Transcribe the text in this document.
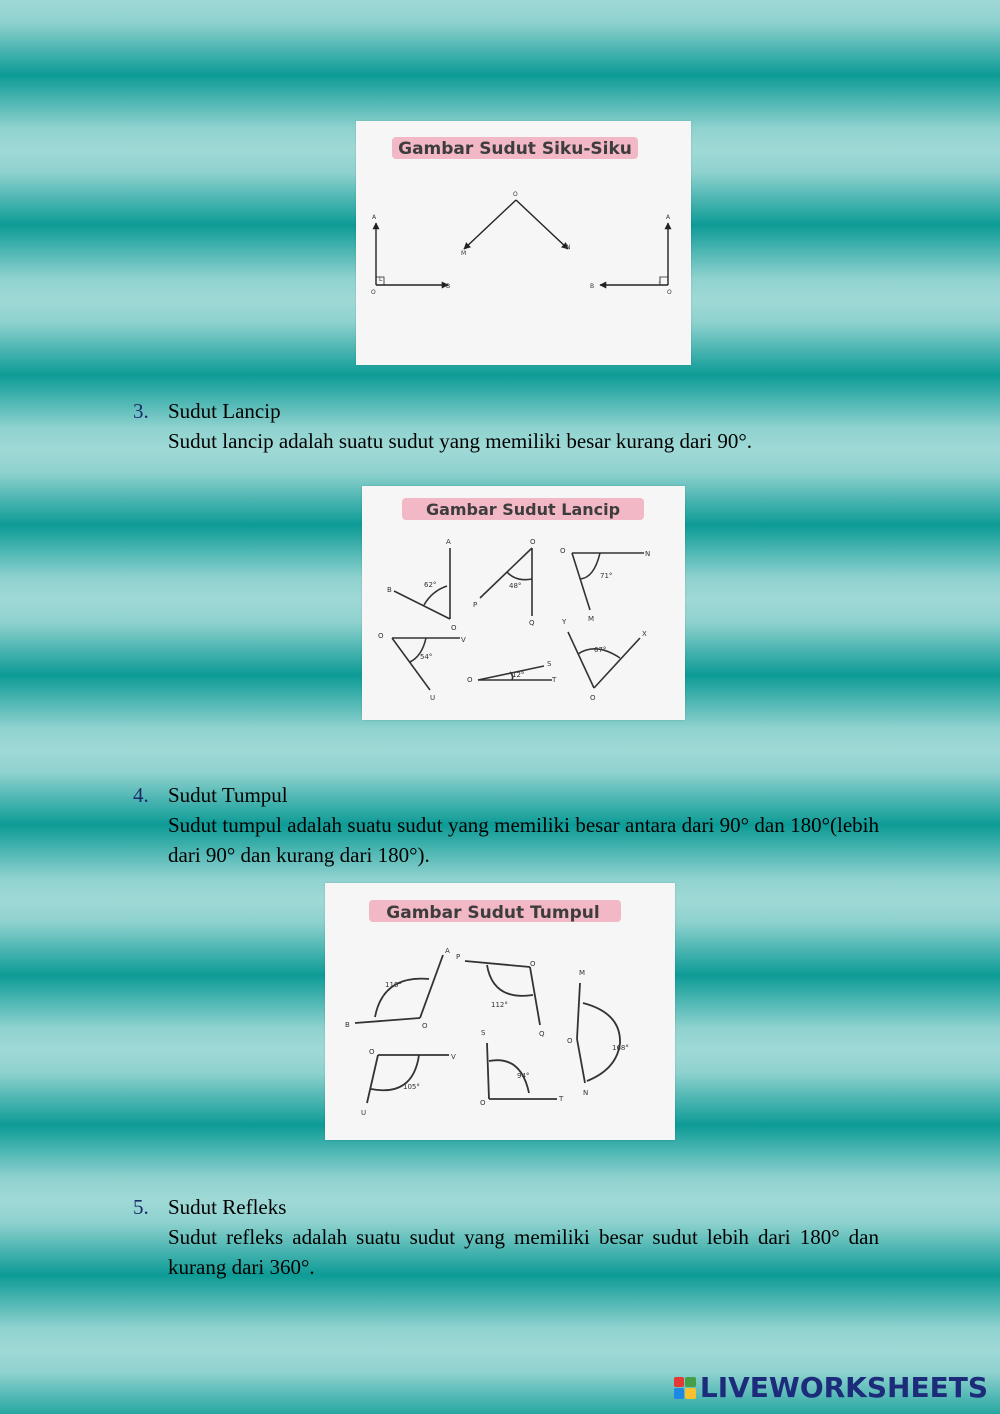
Gambar Sudut Siku-Siku
A
L
O
B
O
M
N
A
J
O
B
3. Sudut Lancip
Sudut lancip adalah suatu sudut yang memiliki besar kurang dari 90°.
Gambar Sudut Lancip
A
B
O
62°
O
P
Q
48°
O	N
M
71°
O	V
U
54°
O
S
T
12°
Y
X
O
67°
4. Sudut Tumpul
Sudut tumpul adalah suatu sudut yang memiliki besar antara dari 90° dan 180°(lebih dari 90° dan kurang dari 180°).
Gambar Sudut Tumpul
A
B	O
116°
P
O
Q
112°
M
O
N
168°
O
V
U
105°
S
O	T
94°
5. Sudut Refleks
Sudut refleks adalah suatu sudut yang memiliki besar sudut lebih dari 180° dan kurang dari 360°.
LIVEWORKSHEETS
